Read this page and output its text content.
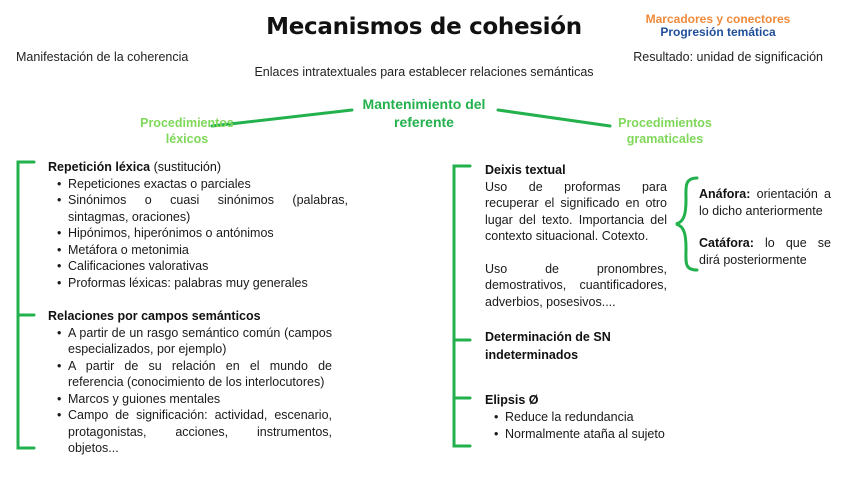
Mecanismos de cohesión	Marcadores y conectores
Progresión temática
Manifestación de la coherencia	Resultado: unidad de significación
Enlaces intratextuales para establecer relaciones semánticas
Mantenimiento del
referente
Procedimientos
léxicos
Procedimientos
gramaticales
Repetición léxica (sustitución)
• Repeticiones exactas o parciales
• Sinónimos o cuasi sinónimos (palabras, sintagmas, oraciones)
• Hipónimos, hiperónimos o antónimos
• Metáfora o metonimia
• Calificaciones valorativas
• Proformas léxicas: palabras muy generales
Relaciones por campos semánticos
• A partir de un rasgo semántico común (campos especializados, por ejemplo)
• A partir de su relación en el mundo de referencia (conocimiento de los interlocutores)
• Marcos y guiones mentales
• Campo de significación: actividad, escenario, protagonistas, acciones, instrumentos, objetos...
Deixis textual
Uso de proformas para recuperar el significado en otro lugar del texto. Importancia del contexto situacional. Cotexto.
Uso de pronombres, demostrativos, cuantificadores, adverbios, posesivos....
Determinación de SN
indeterminados
Elipsis Ø
• Reduce la redundancia
• Normalmente ataña al sujeto
Anáfora: orientación a lo dicho anteriormente
Catáfora: lo que se dirá posteriormente
